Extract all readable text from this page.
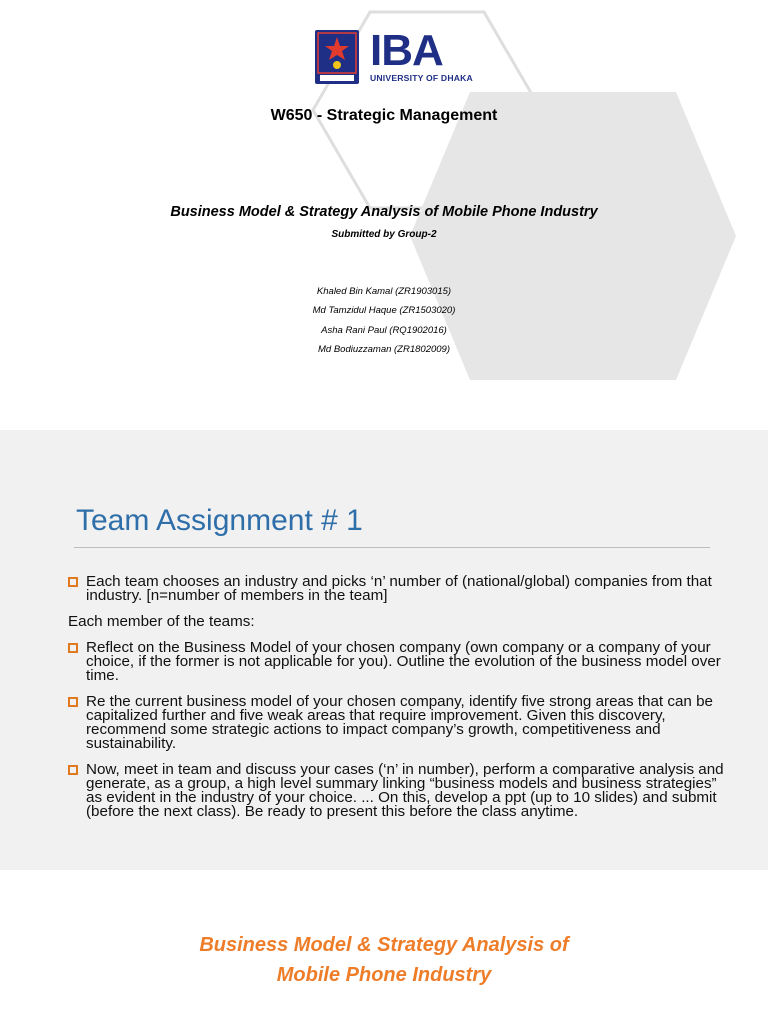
IBA
UNIVERSITY OF DHAKA
W650 - Strategic Management
Business Model & Strategy Analysis of Mobile Phone Industry
Submitted by Group-2
Khaled Bin Kamal (ZR1903015)
Md Tamzidul Haque (ZR1503020)
Asha Rani Paul (RQ1902016)
Md Bodiuzzaman (ZR1802009)
Team Assignment # 1
Each team chooses an industry and picks ‘n’ number of (national/global) companies from that industry. [n=number of members in the team]
Each member of the teams:
Reflect on the Business Model of your chosen company (own company or a company of your choice, if the former is not applicable for you). Outline the evolution of the business model over time.
Re the current business model of your chosen company, identify five strong areas that can be capitalized further and five weak areas that require improvement. Given this discovery, recommend some strategic actions to impact company’s growth, competitiveness and sustainability.
Now, meet in team and discuss your cases (‘n’ in number), perform a comparative analysis and generate, as a group, a high level summary linking “business models and business strategies” as evident in the industry of your choice. ... On this, develop a ppt (up to 10 slides) and submit (before the next class). Be ready to present this before the class anytime.
Business Model & Strategy Analysis of
Mobile Phone Industry
